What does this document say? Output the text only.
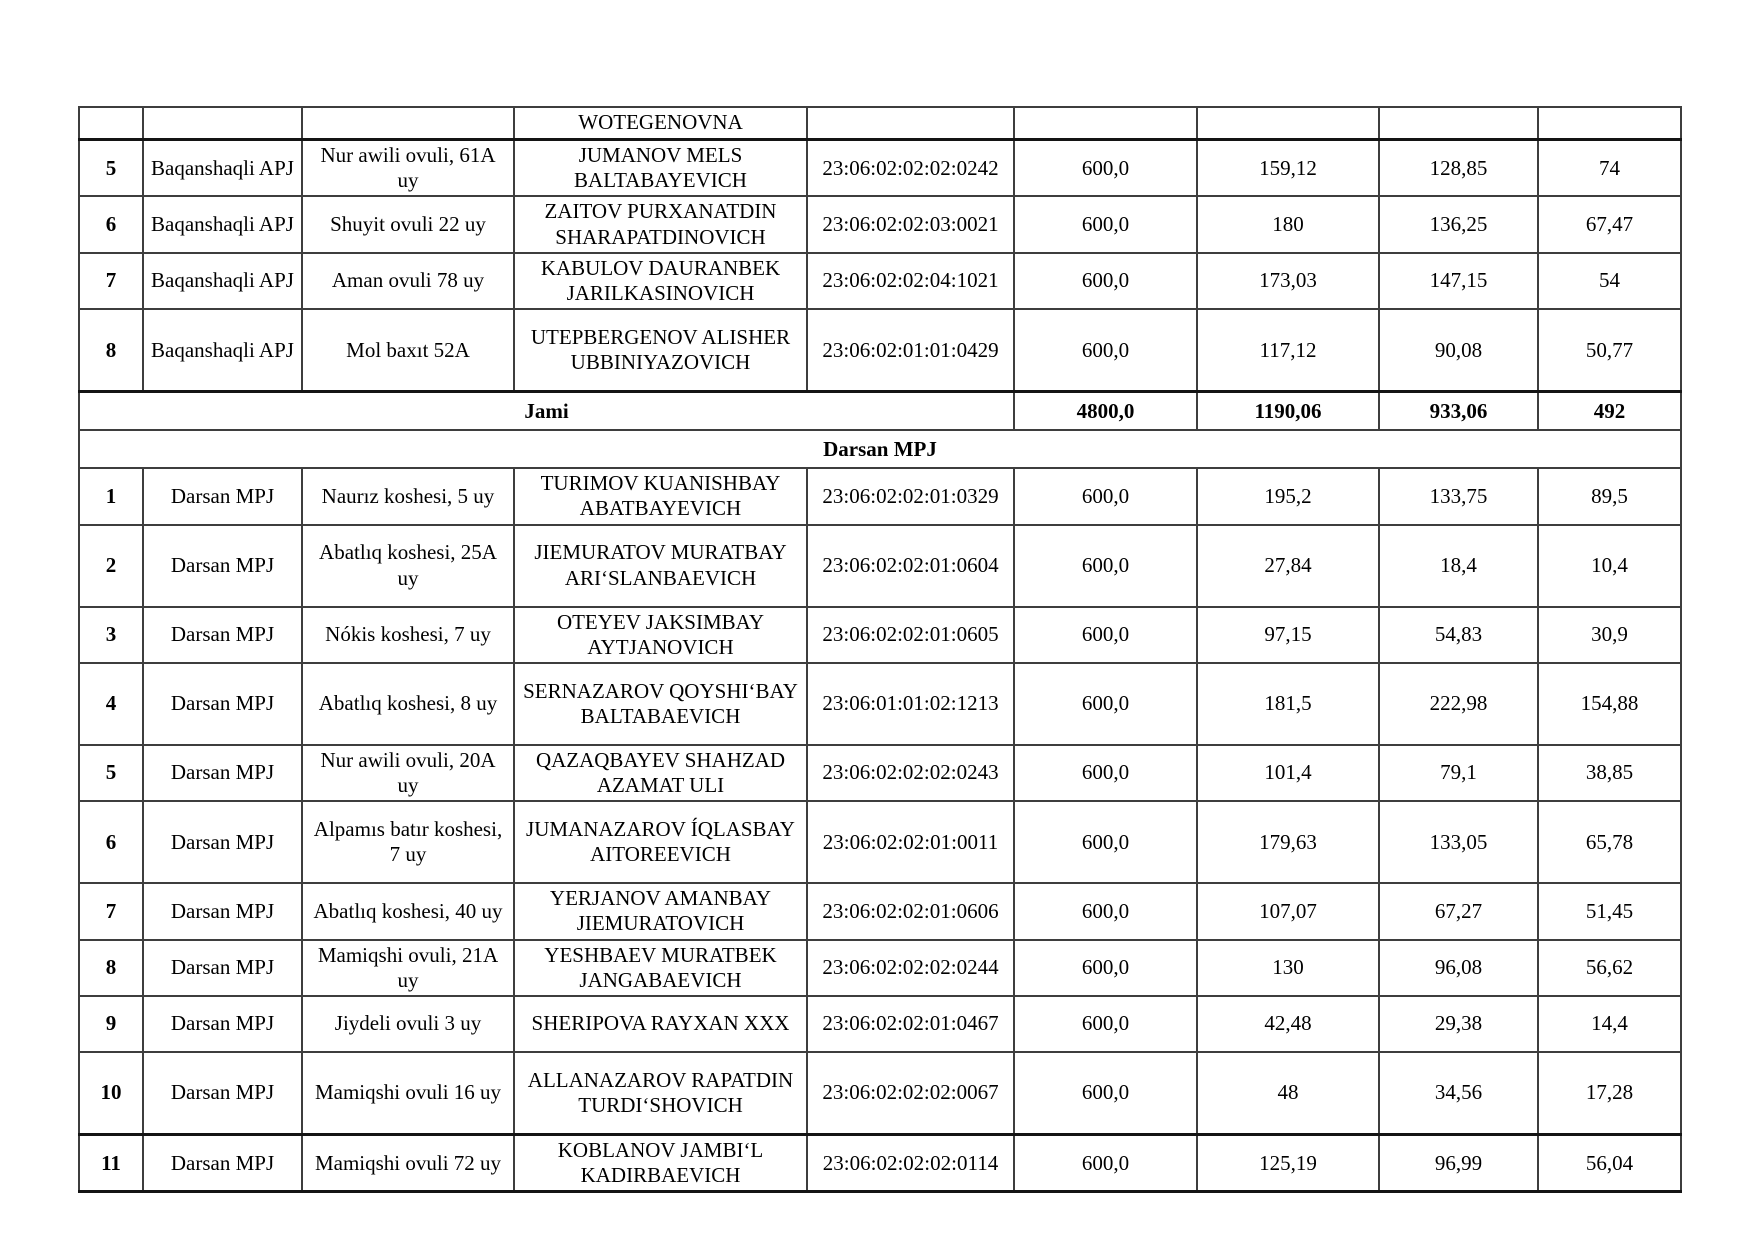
			WOTEGENOVNA					
5	Baqanshaqli APJ	Nur awili ovuli, 61A uy	JUMANOV MELS BALTABAYEVICH	23:06:02:02:02:0242	600,0	159,12	128,85	74
6	Baqanshaqli APJ	Shuyit ovuli 22 uy	ZAITOV PURXANATDIN SHARAPATDINOVICH	23:06:02:02:03:0021	600,0	180	136,25	67,47
7	Baqanshaqli APJ	Aman ovuli 78 uy	KABULOV DAURANBEK JARILKASINOVICH	23:06:02:02:04:1021	600,0	173,03	147,15	54
8	Baqanshaqli APJ	Mol baxıt 52A	UTEPBERGENOV ALISHER UBBINIYAZOVICH	23:06:02:01:01:0429	600,0	117,12	90,08	50,77
Jami					4800,0	1190,06	933,06	492
Darsan MPJ								
1	Darsan MPJ	Naurız koshesi, 5 uy	TURIMOV KUANISHBAY ABATBAYEVICH	23:06:02:02:01:0329	600,0	195,2	133,75	89,5
2	Darsan MPJ	Abatlıq koshesi, 25A uy	JIEMURATOV MURATBAY ARIʻSLANBAEVICH	23:06:02:02:01:0604	600,0	27,84	18,4	10,4
3	Darsan MPJ	Nókis koshesi, 7 uy	OTEYEV JAKSIMBAY AYTJANOVICH	23:06:02:02:01:0605	600,0	97,15	54,83	30,9
4	Darsan MPJ	Abatlıq koshesi, 8 uy	SERNAZAROV QOYSHIʻBAY BALTABAEVICH	23:06:01:01:02:1213	600,0	181,5	222,98	154,88
5	Darsan MPJ	Nur awili ovuli, 20A uy	QAZAQBAYEV SHAHZAD AZAMAT ULI	23:06:02:02:02:0243	600,0	101,4	79,1	38,85
6	Darsan MPJ	Alpamıs batır koshesi, 7 uy	JUMANAZAROV ÍQLASBAY AITOREEVICH	23:06:02:02:01:0011	600,0	179,63	133,05	65,78
7	Darsan MPJ	Abatlıq koshesi, 40 uy	YERJANOV AMANBAY JIEMURATOVICH	23:06:02:02:01:0606	600,0	107,07	67,27	51,45
8	Darsan MPJ	Mamiqshi ovuli, 21A uy	YESHBAEV MURATBEK JANGABAEVICH	23:06:02:02:02:0244	600,0	130	96,08	56,62
9	Darsan MPJ	Jiydeli ovuli 3 uy	SHERIPOVA RAYXAN XXX	23:06:02:02:01:0467	600,0	42,48	29,38	14,4
10	Darsan MPJ	Mamiqshi ovuli 16 uy	ALLANAZAROV RAPATDIN TURDIʻSHOVICH	23:06:02:02:02:0067	600,0	48	34,56	17,28
11	Darsan MPJ	Mamiqshi ovuli 72 uy	KOBLANOV JAMBIʻL KADIRBAEVICH	23:06:02:02:02:0114	600,0	125,19	96,99	56,04
